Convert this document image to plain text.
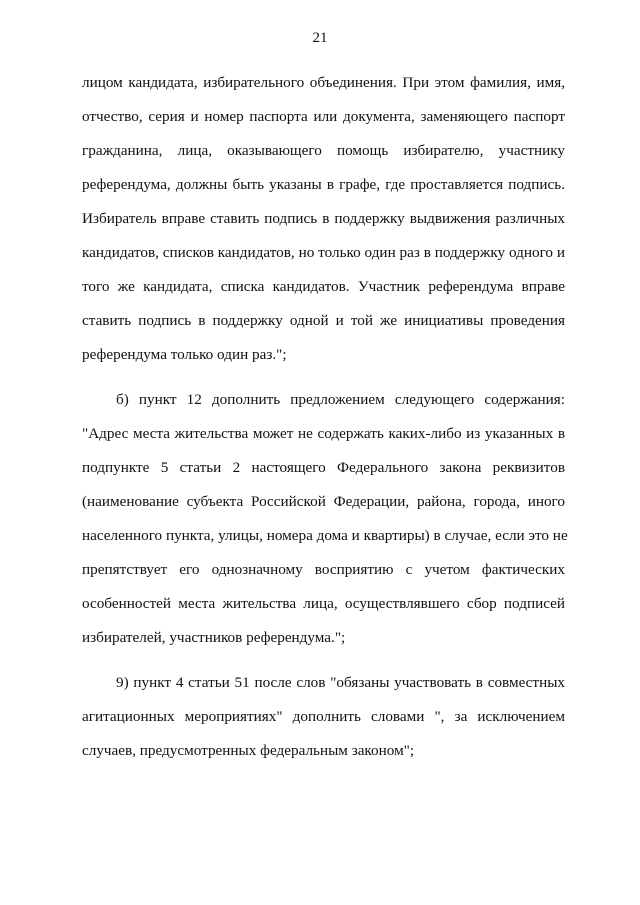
21
лицом кандидата, избирательного объединения. При этом фамилия, имя,
отчество, серия и номер паспорта или документа, заменяющего паспорт
гражданина, лица, оказывающего помощь избирателю, участнику
референдума, должны быть указаны в графе, где проставляется подпись.
Избиратель вправе ставить подпись в поддержку выдвижения различных
кандидатов, списков кандидатов, но только один раз в поддержку одного и
того же кандидата, списка кандидатов. Участник референдума вправе
ставить подпись в поддержку одной и той же инициативы проведения
референдума только один раз.";
б) пункт 12 дополнить предложением следующего содержания:
"Адрес места жительства может не содержать каких-либо из указанных в
подпункте 5 статьи 2 настоящего Федерального закона реквизитов
(наименование субъекта Российской Федерации, района, города, иного
населенного пункта, улицы, номера дома и квартиры) в случае, если это не
препятствует его однозначному восприятию с учетом фактических
особенностей места жительства лица, осуществлявшего сбор подписей
избирателей, участников референдума.";
9) пункт 4 статьи 51 после слов "обязаны участвовать в совместных
агитационных мероприятиях" дополнить словами ", за исключением
случаев, предусмотренных федеральным законом";
